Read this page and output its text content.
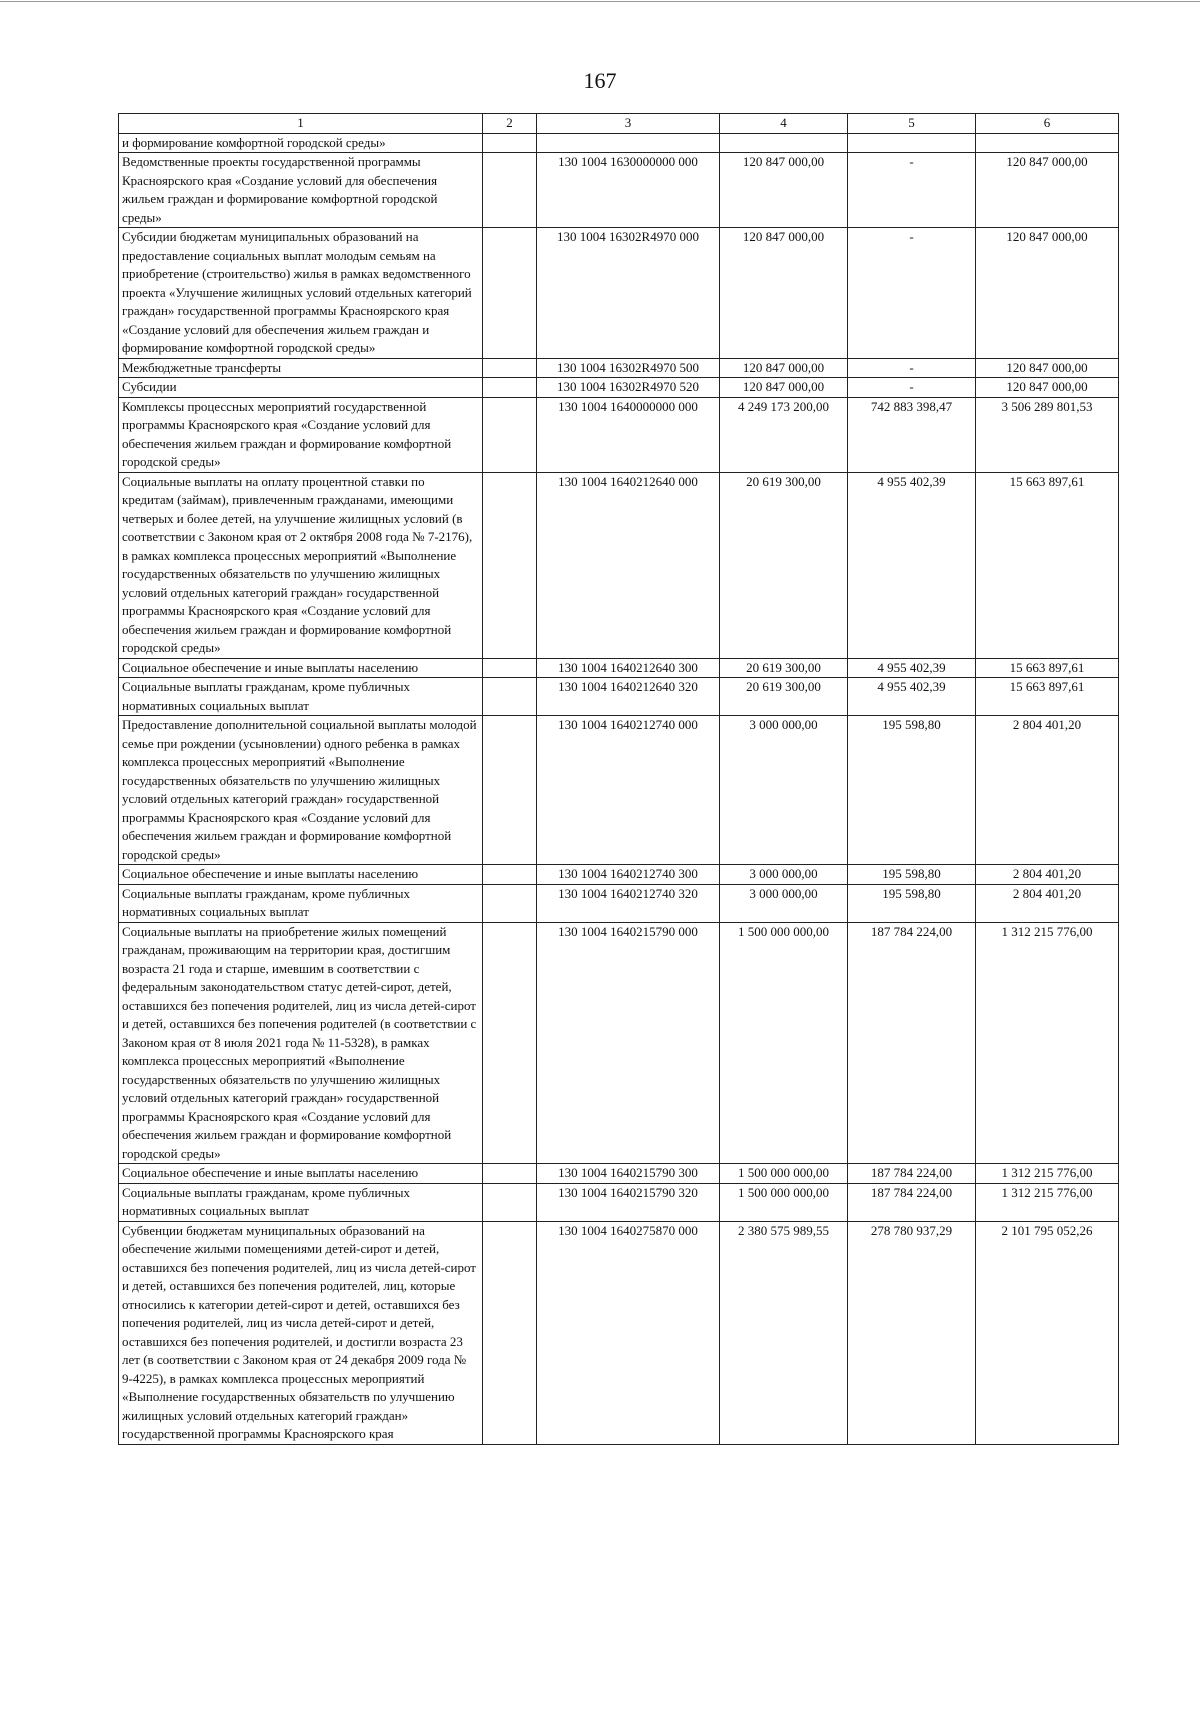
167
1	2	3	4	5	6
и формирование комфортной городской среды»					
Ведомственные проекты государственной программы Красноярского края «Создание условий для обеспечения жильем граждан и формирование комфортной городской среды»		130 1004 1630000000 000	120 847 000,00	-	120 847 000,00
Субсидии бюджетам муниципальных образований на предоставление социальных выплат молодым семьям на приобретение (строительство) жилья в рамках ведомственного проекта «Улучшение жилищных условий отдельных категорий граждан» государственной программы Красноярского края «Создание условий для обеспечения жильем граждан и формирование комфортной городской среды»		130 1004 16302R4970 000	120 847 000,00	-	120 847 000,00
Межбюджетные трансферты		130 1004 16302R4970 500	120 847 000,00	-	120 847 000,00
Субсидии		130 1004 16302R4970 520	120 847 000,00	-	120 847 000,00
Комплексы процессных мероприятий государственной программы Красноярского края «Создание условий для обеспечения жильем граждан и формирование комфортной городской среды»		130 1004 1640000000 000	4 249 173 200,00	742 883 398,47	3 506 289 801,53
Социальные выплаты на оплату процентной ставки по кредитам (займам), привлеченным гражданами, имеющими четверых и более детей, на улучшение жилищных условий (в соответствии с Законом края от 2 октября 2008 года № 7-2176), в рамках комплекса процессных мероприятий «Выполнение государственных обязательств по улучшению жилищных условий отдельных категорий граждан» государственной программы Красноярского края «Создание условий для обеспечения жильем граждан и формирование комфортной городской среды»		130 1004 1640212640 000	20 619 300,00	4 955 402,39	15 663 897,61
Социальное обеспечение и иные выплаты населению		130 1004 1640212640 300	20 619 300,00	4 955 402,39	15 663 897,61
Социальные выплаты гражданам, кроме публичных нормативных социальных выплат		130 1004 1640212640 320	20 619 300,00	4 955 402,39	15 663 897,61
Предоставление дополнительной социальной выплаты молодой семье при рождении (усыновлении) одного ребенка в рамках комплекса процессных мероприятий «Выполнение государственных обязательств по улучшению жилищных условий отдельных категорий граждан» государственной программы Красноярского края «Создание условий для обеспечения жильем граждан и формирование комфортной городской среды»		130 1004 1640212740 000	3 000 000,00	195 598,80	2 804 401,20
Социальное обеспечение и иные выплаты населению		130 1004 1640212740 300	3 000 000,00	195 598,80	2 804 401,20
Социальные выплаты гражданам, кроме публичных нормативных социальных выплат		130 1004 1640212740 320	3 000 000,00	195 598,80	2 804 401,20
Социальные выплаты на приобретение жилых помещений гражданам, проживающим на территории края, достигшим возраста 21 года и старше, имевшим в соответствии с федеральным законодательством статус детей-сирот, детей, оставшихся без попечения родителей, лиц из числа детей-сирот и детей, оставшихся без попечения родителей (в соответствии с Законом края от 8 июля 2021 года № 11-5328), в рамках комплекса процессных мероприятий «Выполнение государственных обязательств по улучшению жилищных условий отдельных категорий граждан» государственной программы Красноярского края «Создание условий для обеспечения жильем граждан и формирование комфортной городской среды»		130 1004 1640215790 000	1 500 000 000,00	187 784 224,00	1 312 215 776,00
Социальное обеспечение и иные выплаты населению		130 1004 1640215790 300	1 500 000 000,00	187 784 224,00	1 312 215 776,00
Социальные выплаты гражданам, кроме публичных нормативных социальных выплат		130 1004 1640215790 320	1 500 000 000,00	187 784 224,00	1 312 215 776,00
Субвенции бюджетам муниципальных образований на обеспечение жилыми помещениями детей-сирот и детей, оставшихся без попечения родителей, лиц из числа детей-сирот и детей, оставшихся без попечения родителей, лиц, которые относились к категории детей-сирот и детей, оставшихся без попечения родителей, лиц из числа детей-сирот и детей, оставшихся без попечения родителей, и достигли возраста 23 лет (в соответствии с Законом края от 24 декабря 2009 года № 9-4225), в рамках комплекса процессных мероприятий «Выполнение государственных обязательств по улучшению жилищных условий отдельных категорий граждан» государственной программы Красноярского края		130 1004 1640275870 000	2 380 575 989,55	278 780 937,29	2 101 795 052,26
